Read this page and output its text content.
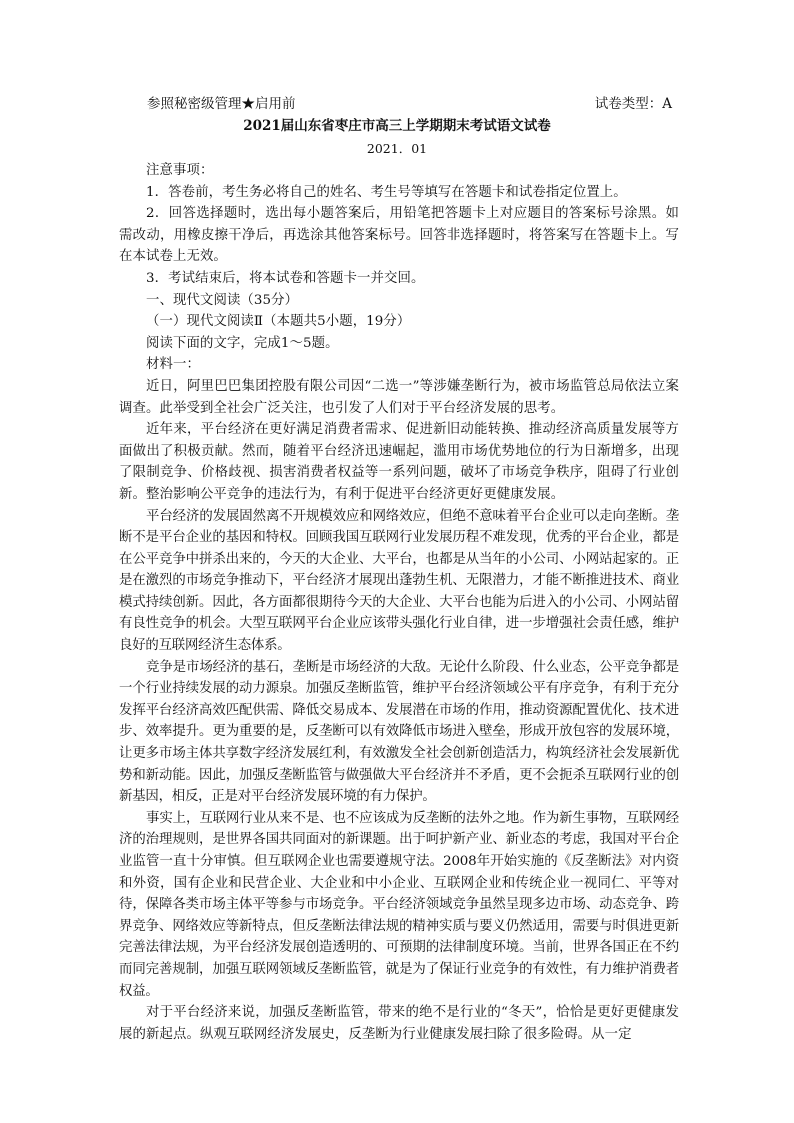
参照秘密级管理★启用前	试卷类型：A
2021届山东省枣庄市高三上学期期末考试语文试卷
2021．01

注意事项：

1．答卷前，考生务必将自己的姓名、考生号等填写在答题卡和试卷指定位置上。

2．回答选择题时，选出每小题答案后，用铅笔把答题卡上对应题目的答案标号涂黑。如需改动，用橡皮擦干净后，再选涂其他答案标号。回答非选择题时，将答案写在答题卡上。写在本试卷上无效。

3．考试结束后，将本试卷和答题卡一并交回。

一、现代文阅读（35分）

（一）现代文阅读Ⅱ（本题共5小题，19分）

阅读下面的文字，完成1～5题。

材料一：

近日，阿里巴巴集团控股有限公司因“二选一”等涉嫌垄断行为，被市场监管总局依法立案调查。此举受到全社会广泛关注，也引发了人们对于平台经济发展的思考。

近年来，平台经济在更好满足消费者需求、促进新旧动能转换、推动经济高质量发展等方面做出了积极贡献。然而，随着平台经济迅速崛起，滥用市场优势地位的行为日渐增多，出现了限制竞争、价格歧视、损害消费者权益等一系列问题，破坏了市场竞争秩序，阻碍了行业创新。整治影响公平竞争的违法行为，有利于促进平台经济更好更健康发展。

平台经济的发展固然离不开规模效应和网络效应，但绝不意味着平台企业可以走向垄断。垄断不是平台企业的基因和特权。回顾我国互联网行业发展历程不难发现，优秀的平台企业，都是在公平竞争中拼杀出来的，今天的大企业、大平台，也都是从当年的小公司、小网站起家的。正是在激烈的市场竞争推动下，平台经济才展现出蓬勃生机、无限潜力，才能不断推进技术、商业模式持续创新。因此，各方面都很期待今天的大企业、大平台也能为后进入的小公司、小网站留有良性竞争的机会。大型互联网平台企业应该带头强化行业自律，进一步增强社会责任感，维护良好的互联网经济生态体系。

竞争是市场经济的基石，垄断是市场经济的大敌。无论什么阶段、什么业态，公平竞争都是一个行业持续发展的动力源泉。加强反垄断监管，维护平台经济领域公平有序竞争，有利于充分发挥平台经济高效匹配供需、降低交易成本、发展潜在市场的作用，推动资源配置优化、技术进步、效率提升。更为重要的是，反垄断可以有效降低市场进入壁垒，形成开放包容的发展环境，让更多市场主体共享数字经济发展红利，有效激发全社会创新创造活力，构筑经济社会发展新优势和新动能。因此，加强反垄断监管与做强做大平台经济并不矛盾，更不会扼杀互联网行业的创新基因，相反，正是对平台经济发展环境的有力保护。

事实上，互联网行业从来不是、也不应该成为反垄断的法外之地。作为新生事物，互联网经济的治理规则，是世界各国共同面对的新课题。出于呵护新产业、新业态的考虑，我国对平台企业监管一直十分审慎。但互联网企业也需要遵规守法。2008年开始实施的《反垄断法》对内资和外资，国有企业和民营企业、大企业和中小企业、互联网企业和传统企业一视同仁、平等对待，保障各类市场主体平等参与市场竞争。平台经济领域竞争虽然呈现多边市场、动态竞争、跨界竞争、网络效应等新特点，但反垄断法律法规的精神实质与要义仍然适用，需要与时俱进更新完善法律法规，为平台经济发展创造透明的、可预期的法律制度环境。当前，世界各国正在不约而同完善规制，加强互联网领域反垄断监管，就是为了保证行业竞争的有效性，有力维护消费者权益。

对于平台经济来说，加强反垄断监管，带来的绝不是行业的“冬天”，恰恰是更好更健康发展的新起点。纵观互联网经济发展史，反垄断为行业健康发展扫除了很多险碍。从一定
